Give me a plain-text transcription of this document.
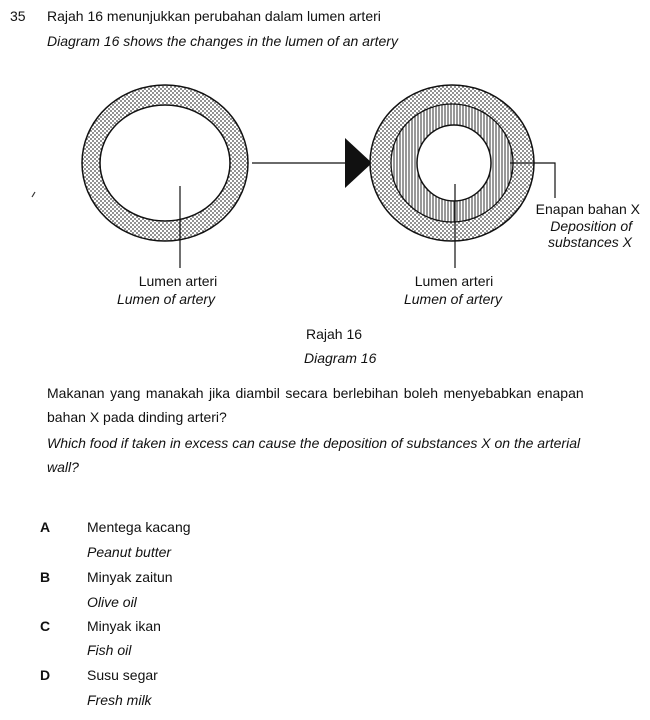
35 Rajah 16 menunjukkan perubahan dalam lumen arteri
Diagram 16 shows the changes in the lumen of an artery
Lumen arteri
Lumen of artery
Lumen arteri
Lumen of artery
Enapan bahan X
Deposition of
substances X
Rajah 16
Diagram 16
Makanan yang manakah jika diambil secara berlebihan boleh menyebabkan enapan
bahan X pada dinding arteri?
Which food if taken in excess can cause the deposition of substances X on the arterial
wall?
A	Mentega kacang
Peanut butter
B	Minyak zaitun
Olive oil
C	Minyak ikan
Fish oil
D	Susu segar
Fresh milk
